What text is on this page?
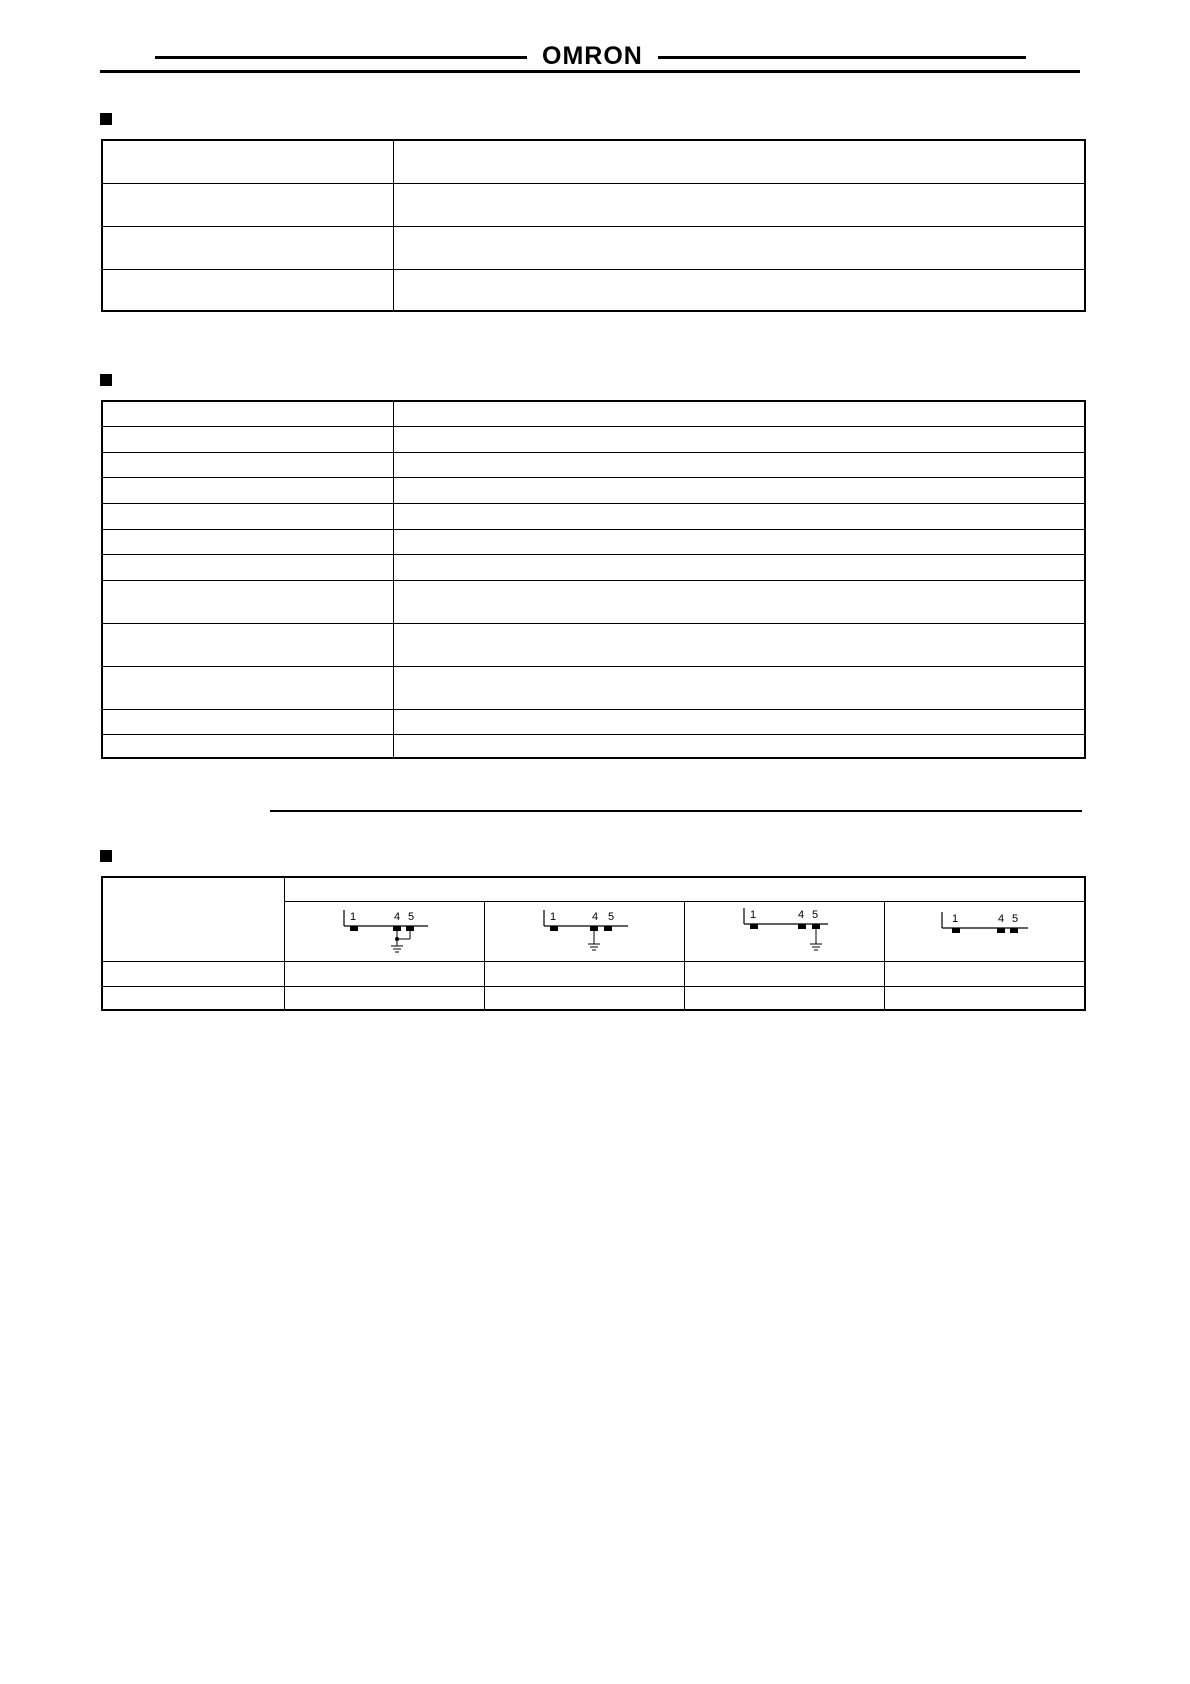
OMRON

1 4 5	1 4 5	1 4 5	1 4 5
